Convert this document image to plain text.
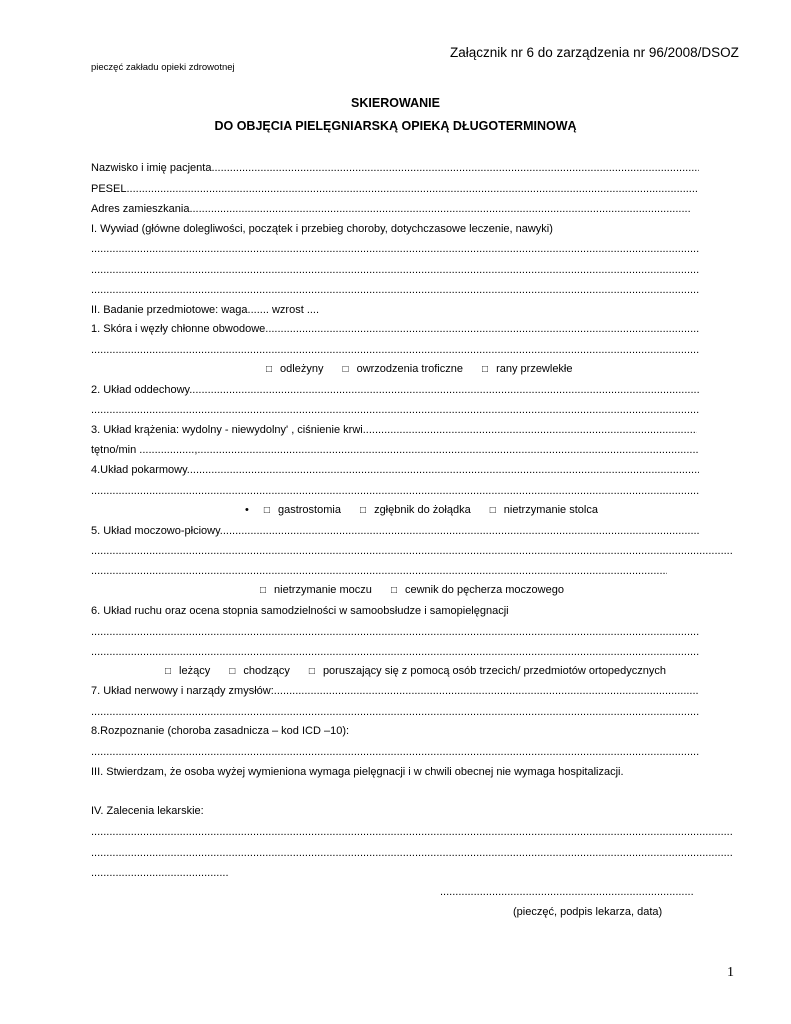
Załącznik nr 6 do zarządzenia nr 96/2008/DSOZ
pieczęć zakładu opieki zdrowotnej
SKIEROWANIE
DO OBJĘCIA PIELĘGNIARSKĄ OPIEKĄ DŁUGOTERMINOWĄ
Nazwisko i imię pacjenta .....
PESEL .....
Adres zamieszkania .....
I. Wywiad (główne dolegliwości, początek i przebieg choroby, dotychczasowe leczenie, nawyki)
.....
.....
.....
II. Badanie przedmiotowe: waga....... wzrost ....
1. Skóra i węzły chłonne obwodowe .....
.....
□ odleżyny □ owrzodzenia troficzne □ rany przewlekłe
2. Układ oddechowy .....
.....
3. Układ krążenia: wydolny - niewydolny' , ciśnienie krwi .....
tętno/min .................., .....
4.Układ pokarmowy .....
.....
• □ gastrostomia □ zgłębnik do żołądka □ nietrzymanie stolca
5. Układ moczowo-płciowy .....
.....
.....
□ nietrzymanie moczu □ cewnik do pęcherza moczowego
6. Układ ruchu oraz ocena stopnia samodzielności w samoobsłudze i samopielęgnacji
.....
.....
□ leżący □ chodzący □ poruszający się z pomocą osób trzecich/ przedmiotów ortopedycznych
7. Układ nerwowy i narządy zmysłów: .....
.....
8.Rozpoznanie (choroba zasadnicza – kod ICD –10):
.....
III. Stwierdzam, że osoba wyżej wymieniona wymaga pielęgnacji i w chwili obecnej nie wymaga hospitalizacji.
IV. Zalecenia lekarskie:
.....
.....
.............................................
...................................................................................
(pieczęć, podpis lekarza, data)
1
